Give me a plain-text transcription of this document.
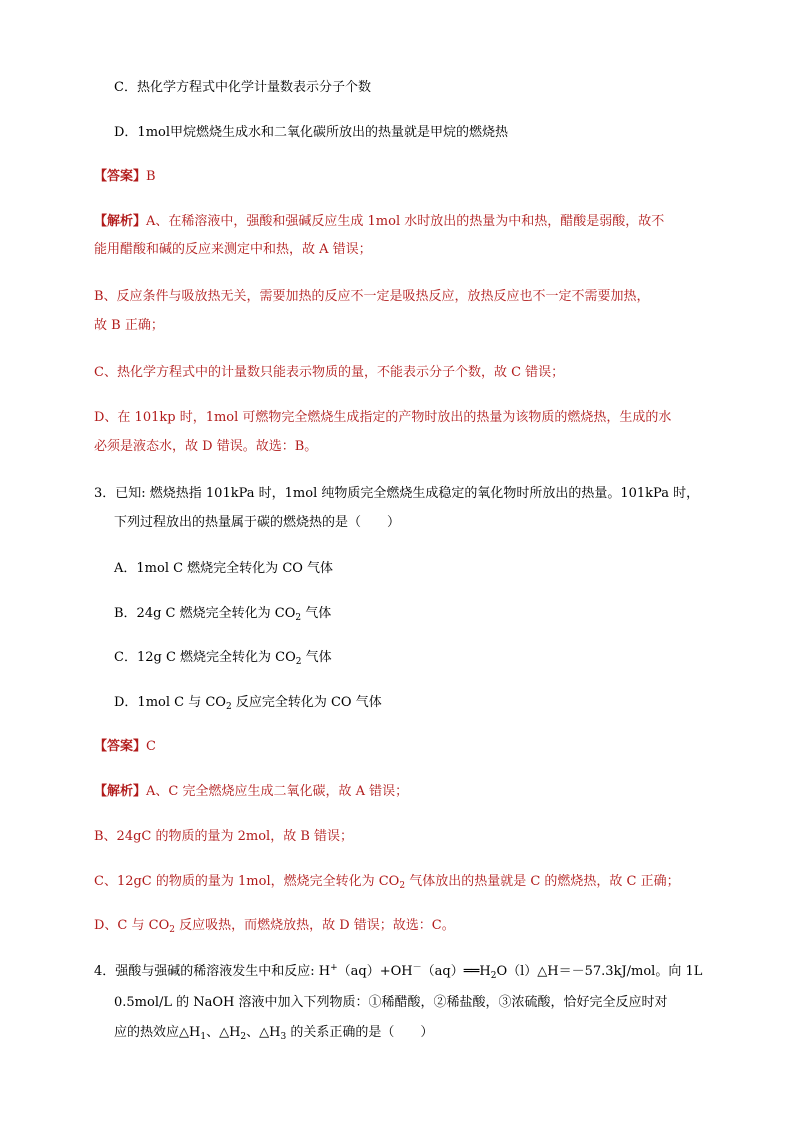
C．热化学方程式中化学计量数表示分子个数
D．1mol甲烷燃烧生成水和二氧化碳所放出的热量就是甲烷的燃烧热
【答案】B
【解析】A、在稀溶液中，强酸和强碱反应生成 1mol 水时放出的热量为中和热，醋酸是弱酸，故不
能用醋酸和碱的反应来测定中和热，故 A 错误；
B、反应条件与吸放热无关，需要加热的反应不一定是吸热反应，放热反应也不一定不需要加热，
故 B 正确；
C、热化学方程式中的计量数只能表示物质的量，不能表示分子个数，故 C 错误；
D、在 101kp 时，1mol 可燃物完全燃烧生成指定的产物时放出的热量为该物质的燃烧热，生成的水
必须是液态水，故 D 错误。故选：B。
3．已知: 燃烧热指 101kPa 时，1mol 纯物质完全燃烧生成稳定的氧化物时所放出的热量。101kPa 时，
下列过程放出的热量属于碳的燃烧热的是（　　）
A．1mol C 燃烧完全转化为 CO 气体
B．24g C 燃烧完全转化为 $CO_2$ 气体
C．12g C 燃烧完全转化为 $CO_2$ 气体
D．1mol C 与 $CO_2$ 反应完全转化为 CO 气体
【答案】C
【解析】A、C 完全燃烧应生成二氧化碳，故 A 错误；
B、24gC 的物质的量为 2mol，故 B 错误；
C、12gC 的物质的量为 1mol，燃烧完全转化为 $CO_2$ 气体放出的热量就是 C 的燃烧热，故 C 正确；
D、C 与 $CO_2$ 反应吸热，而燃烧放热，故 D 错误；故选：C。
4．强酸与强碱的稀溶液发生中和反应: $H^+(aq)+OH^-(aq)══H_2O(l)\triangle H=-57.3kJ$/mol。向 1L
0.5mol/L 的 NaOH 溶液中加入下列物质：①稀醋酸，②稀盐酸，③浓硫酸，恰好完全反应时对
应的热效应$\triangle H_1$、$\triangle H_2$、$\triangle H_3$ 的关系正确的是（　　）
